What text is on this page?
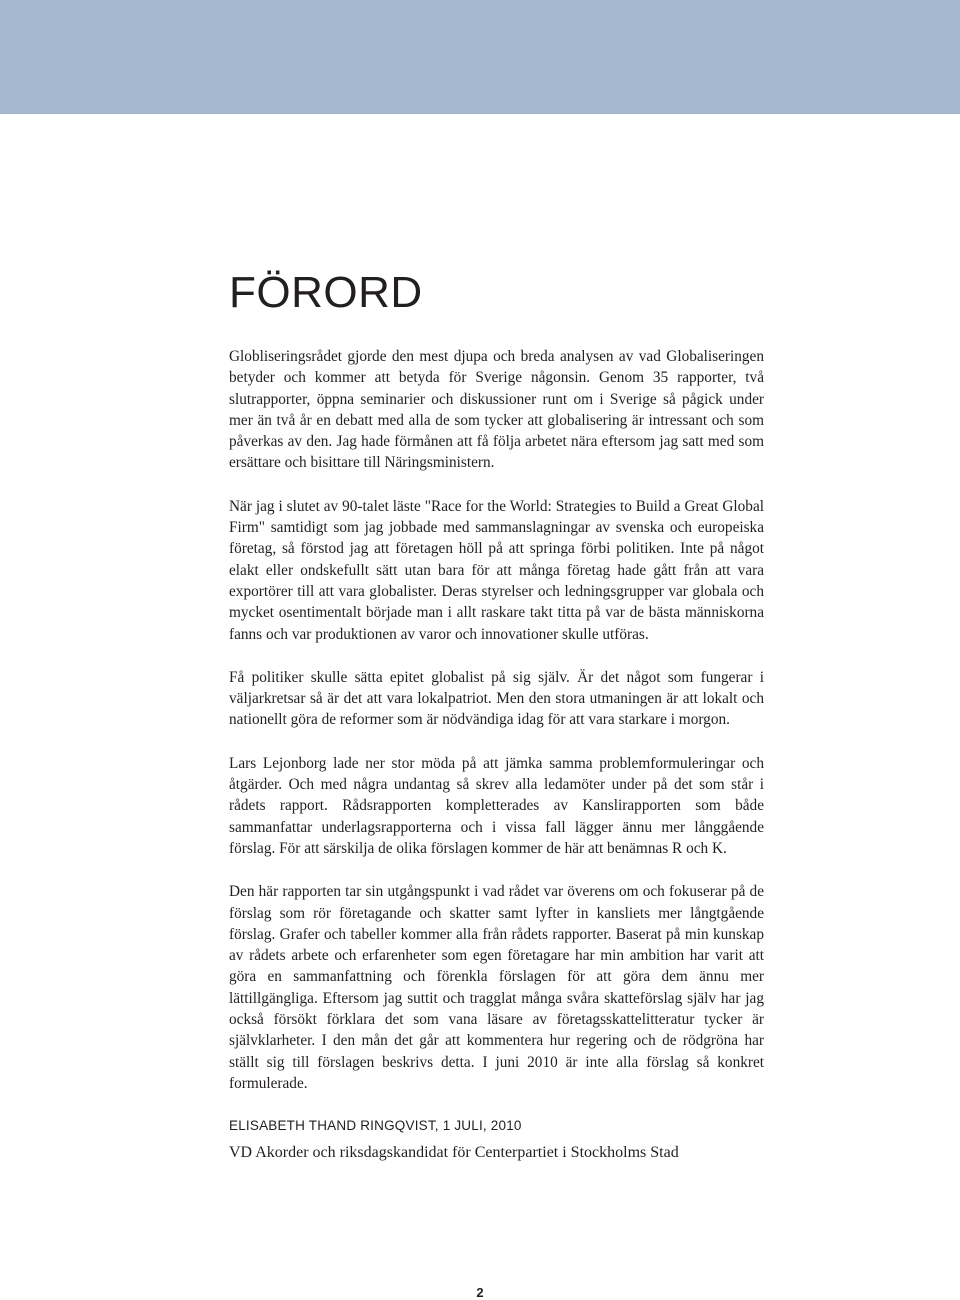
FÖRORD

Globliseringsrådet gjorde den mest djupa och breda analysen av vad Globaliseringen betyder och kommer att betyda för Sverige någonsin. Genom 35 rapporter, två slutrapporter, öppna seminarier och diskussioner runt om i Sverige så pågick under mer än två år en debatt med alla de som tycker att globalisering är intressant och som påverkas av den. Jag hade förmånen att få följa arbetet nära eftersom jag satt med som ersättare och bisittare till Näringsministern.

När jag i slutet av 90-talet läste "Race for the World: Strategies to Build a Great Global Firm" samtidigt som jag jobbade med sammanslagningar av svenska och europeiska företag, så förstod jag att företagen höll på att springa förbi politiken. Inte på något elakt eller ondskefullt sätt utan bara för att många företag hade gått från att vara exportörer till att vara globalister. Deras styrelser och ledningsgrupper var globala och mycket osentimentalt började man i allt raskare takt titta på var de bästa människorna fanns och var produktionen av varor och innovationer skulle utföras.

Få politiker skulle sätta epitet globalist på sig själv. Är det något som fungerar i väljarkretsar så är det att vara lokalpatriot. Men den stora utmaningen är att lokalt och nationellt göra de reformer som är nödvändiga idag för att vara starkare i morgon.

Lars Lejonborg lade ner stor möda på att jämka samma problemformuleringar och åtgärder. Och med några undantag så skrev alla ledamöter under på det som står i rådets rapport. Rådsrapporten kompletterades av Kanslirapporten som både sammanfattar underlagsrapporterna och i vissa fall lägger ännu mer långgående förslag. För att särskilja de olika förslagen kommer de här att benämnas R och K.

Den här rapporten tar sin utgångspunkt i vad rådet var överens om och fokuserar på de förslag som rör företagande och skatter samt lyfter in kansliets mer långtgående förslag. Grafer och tabeller kommer alla från rådets rapporter. Baserat på min kunskap av rådets arbete och erfarenheter som egen företagare har min ambition har varit att göra en sammanfattning och förenkla förslagen för att göra dem ännu mer lättillgängliga. Eftersom jag suttit och tragglat många svåra skatteförslag själv har jag också försökt förklara det som vana läsare av företagsskattelitteratur tycker är självklarheter. I den mån det går att kommentera hur regering och de rödgröna har ställt sig till förslagen beskrivs detta. I juni 2010 är inte alla förslag så konkret formulerade.

ELISABETH THAND RINGQVIST, 1 JULI, 2010
VD Akorder och riksdagskandidat för Centerpartiet i Stockholms Stad
2
